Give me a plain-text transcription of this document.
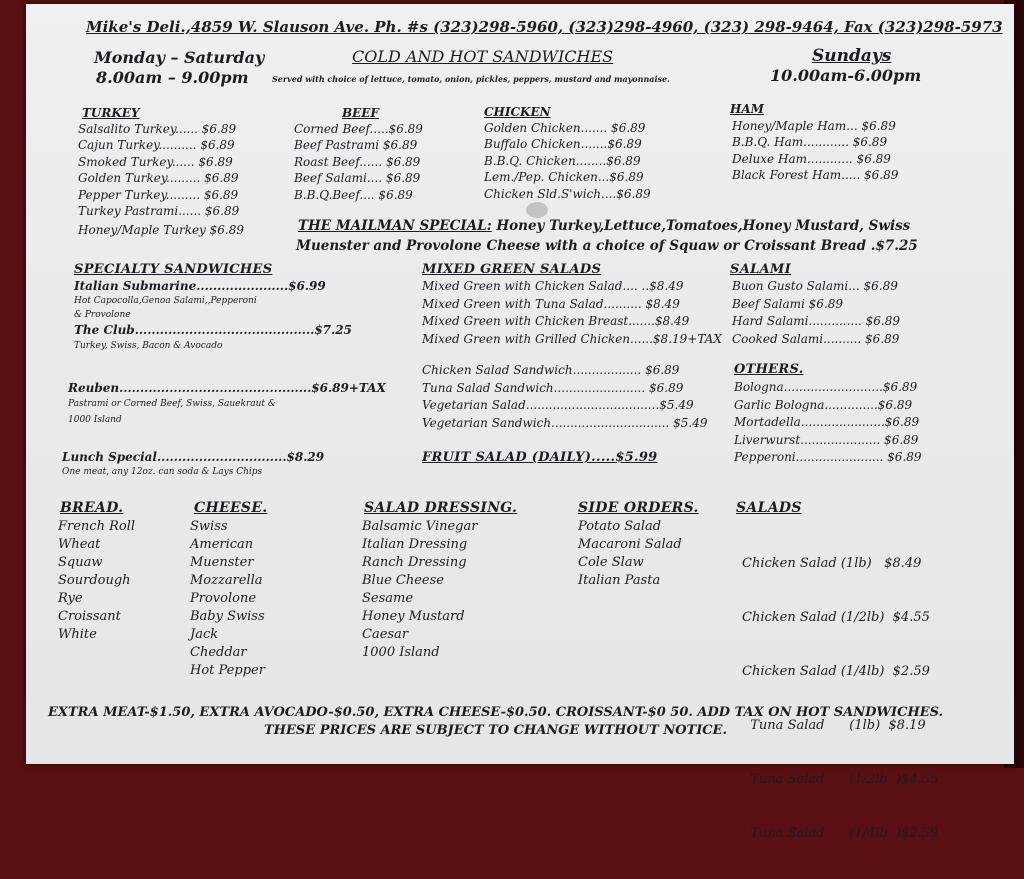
Mike's Deli.,4859 W. Slauson Ave. Ph. #s (323)298-5960, (323)298-4960, (323) 298-9464, Fax (323)298-5973
Monday – Saturday
8.00am – 9.00pm
COLD AND HOT SANDWICHES
Served with choice of lettuce, tomato, onion, pickles, peppers, mustard and mayonnaise.
Sundays
10.00am-6.00pm
TURKEY
Salsalito Turkey...... $6.89
Cajun Turkey.......... $6.89
Smoked Turkey...... $6.89
Golden Turkey......... $6.89
Pepper Turkey......... $6.89
Turkey Pastrami...... $6.89
Honey/Maple Turkey $6.89
BEEF
Corned Beef.....$6.89
Beef Pastrami $6.89
Roast Beef...... $6.89
Beef Salami.... $6.89
B.B.Q.Beef.... $6.89
CHICKEN
Golden Chicken....... $6.89
Buffalo Chicken.......$6.89
B.B.Q. Chicken........$6.89
Lem./Pep. Chicken...$6.89
Chicken Sld.S'wich....$6.89
HAM
Honey/Maple Ham... $6.89
B.B.Q. Ham............ $6.89
Deluxe Ham............ $6.89
Black Forest Ham..... $6.89
THE MAILMAN SPECIAL: Honey Turkey,Lettuce,Tomatoes,Honey Mustard, Swiss
Muenster and Provolone Cheese with a choice of Squaw or Croissant Bread .$7.25
SPECIALTY SANDWICHES
Italian Submarine......................$6.99
Hot Capocolla,Genoa Salami,,Pepperoni
& Provolone
The Club...........................................$7.25
Turkey, Swiss, Bacon & Avocado
Reuben..............................................$6.89+TAX
Pastrami or Corned Beef, Swiss, Sauekraut &
1000 Island
Lunch Special...............................$8.29
One meat, any 12oz. can soda & Lays Chips
MIXED GREEN SALADS
Mixed Green with Chicken Salad.... ..$8.49
Mixed Green with Tuna Salad.......... $8.49
Mixed Green with Chicken Breast.......$8.49
Mixed Green with Grilled Chicken......$8.19+TAX
Chicken Salad Sandwich.................. $6.89
Tuna Salad Sandwich........................ $6.89
Vegetarian Salad...................................$5.49
Vegetarian Sandwich............................... $5.49
FRUIT SALAD (DAILY).....$5.99
SALAMI
Buon Gusto Salami... $6.89
Beef Salami $6.89
Hard Salami.............. $6.89
Cooked Salami.......... $6.89
OTHERS.
Bologna..........................$6.89
Garlic Bologna..............$6.89
Mortadella......................$6.89
Liverwurst..................... $6.89
Pepperoni....................... $6.89
BREAD.
French Roll
Wheat
Squaw
Sourdough
Rye
Croissant
White
CHEESE.
Swiss
American
Muenster
Mozzarella
Provolone
Baby Swiss
Jack
Cheddar
Hot Pepper
SALAD DRESSING.
Balsamic Vinegar
Italian Dressing
Ranch Dressing
Blue Cheese
Sesame
Honey Mustard
Caesar
1000 Island
SIDE ORDERS.
Potato Salad
Macaroni Salad
Cole Slaw
Italian Pasta
SALADS

Chicken Salad (1lb)   $8.49

Chicken Salad (1/2lb)  $4.55

Chicken Salad (1/4lb)  $2.59

Tuna Salad      (1lb)  $8.19

Tuna Salad      (1/2lb  )$4.55

Tuna Salad      (1/4lb  )$2.59

EXTRA MEAT-$1.50, EXTRA AVOCADO-$0.50, EXTRA CHEESE-$0.50. CROISSANT-$0 50. ADD TAX ON HOT SANDWICHES.
THESE PRICES ARE SUBJECT TO CHANGE WITHOUT NOTICE.
